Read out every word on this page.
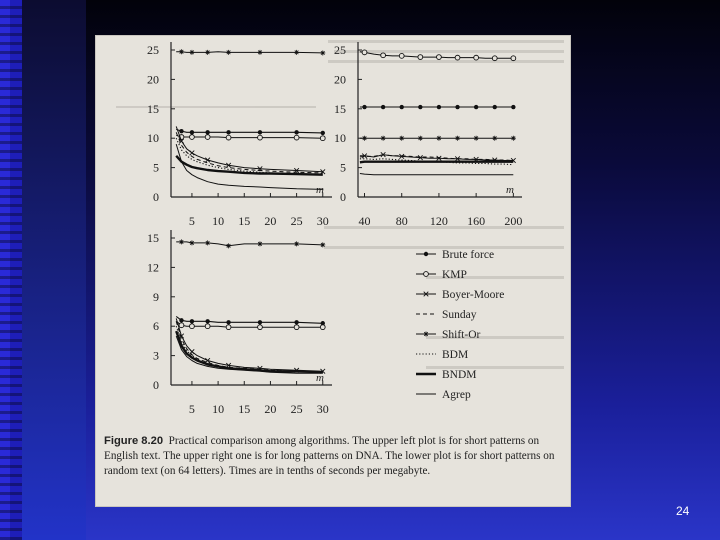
0
5
10
15
20
25
5 10 15 20 25 30
m 0
5
10
15
20
25
40 80 120 160 200
m
0
3
6
9
12
15
5 10 15 20 25 30
m
Brute force
KMP
Boyer-Moore
Sunday
Shift-Or
BDM
BNDM
Agrep
Figure 8.20 Practical comparison among algorithms. The upper left plot is for short patterns on English text. The upper right one is for long patterns on DNA. The lower plot is for short patterns on random text (on 64 letters). Times are in tenths of seconds per megabyte.
24
